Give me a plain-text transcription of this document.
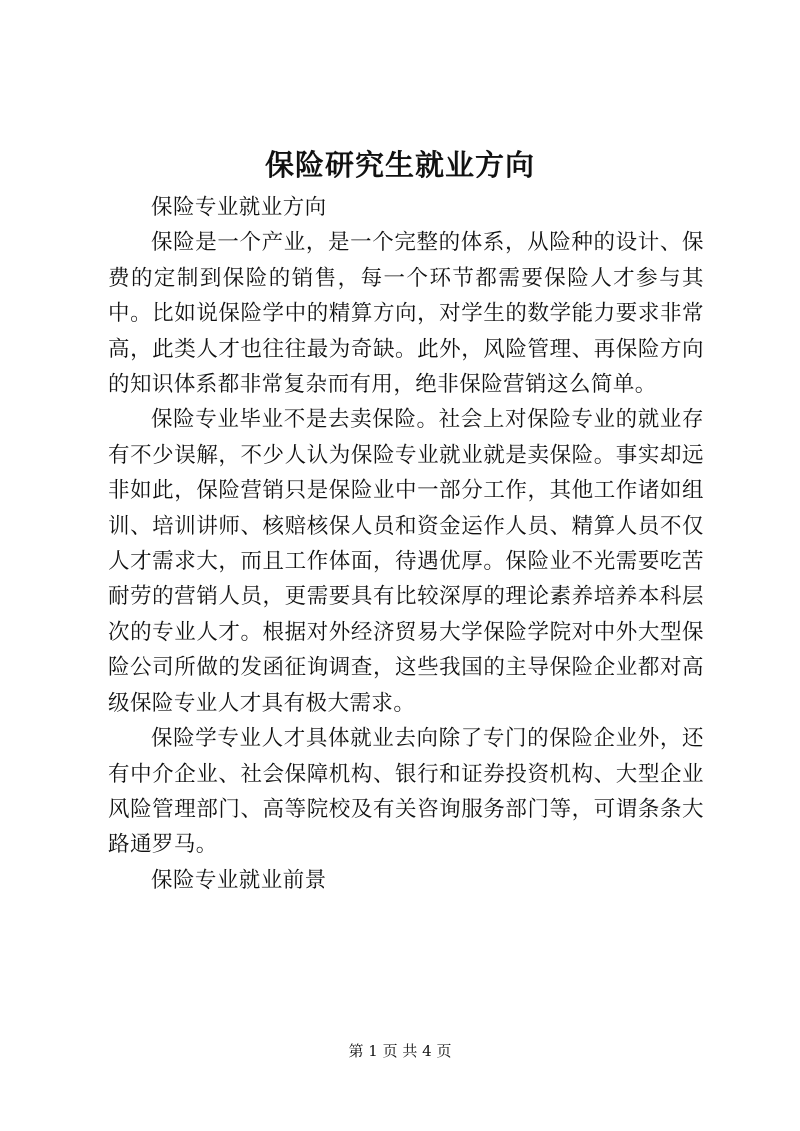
保险研究生就业方向

保险专业就业方向

保险是一个产业，是一个完整的体系，从险种的设计、保费的定制到保险的销售，每一个环节都需要保险人才参与其中。比如说保险学中的精算方向，对学生的数学能力要求非常高，此类人才也往往最为奇缺。此外，风险管理、再保险方向的知识体系都非常复杂而有用，绝非保险营销这么简单。

保险专业毕业不是去卖保险。社会上对保险专业的就业存有不少误解，不少人认为保险专业就业就是卖保险。事实却远非如此，保险营销只是保险业中一部分工作，其他工作诸如组训、培训讲师、核赔核保人员和资金运作人员、精算人员不仅人才需求大，而且工作体面，待遇优厚。保险业不光需要吃苦耐劳的营销人员，更需要具有比较深厚的理论素养培养本科层次的专业人才。根据对外经济贸易大学保险学院对中外大型保险公司所做的发函征询调查，这些我国的主导保险企业都对高级保险专业人才具有极大需求。

保险学专业人才具体就业去向除了专门的保险企业外，还有中介企业、社会保障机构、银行和证券投资机构、大型企业风险管理部门、高等院校及有关咨询服务部门等，可谓条条大路通罗马。

保险专业就业前景

第 1 页 共 4 页
